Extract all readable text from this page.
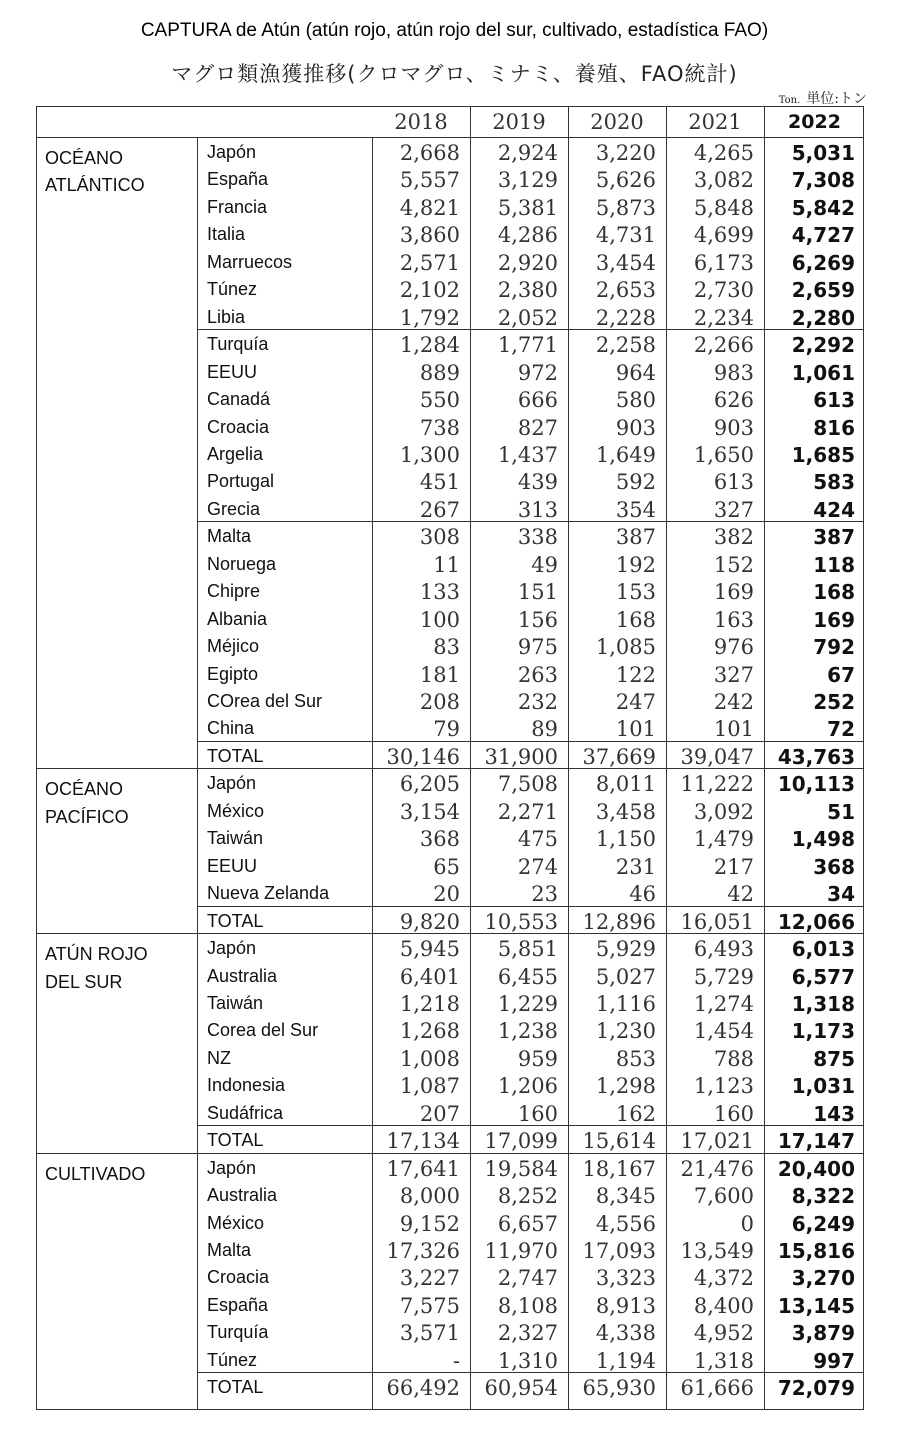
CAPTURA de Atún (atún rojo, atún rojo del sur, cultivado, estadística FAO)
マグロ類漁獲推移(クロマグロ、ミナミ、養殖、FAO統計)
Ton. 単位:トン
2018	2019	2020	2021	2022
OCÉANO
ATLÁNTICO
Japón	2,668	2,924	3,220	4,265	5,031
España	5,557	3,129	5,626	3,082	7,308
Francia	4,821	5,381	5,873	5,848	5,842
Italia	3,860	4,286	4,731	4,699	4,727
Marruecos	2,571	2,920	3,454	6,173	6,269
Túnez	2,102	2,380	2,653	2,730	2,659
Libia	1,792	2,052	2,228	2,234	2,280
Turquía	1,284	1,771	2,258	2,266	2,292
EEUU	889	972	964	983	1,061
Canadá	550	666	580	626	613
Croacia	738	827	903	903	816
Argelia	1,300	1,437	1,649	1,650	1,685
Portugal	451	439	592	613	583
Grecia	267	313	354	327	424
Malta	308	338	387	382	387
Noruega	11	49	192	152	118
Chipre	133	151	153	169	168
Albania	100	156	168	163	169
Méjico	83	975	1,085	976	792
Egipto	181	263	122	327	67
COrea del Sur	208	232	247	242	252
China	79	89	101	101	72
TOTAL	30,146	31,900	37,669	39,047	43,763
OCÉANO
PACÍFICO
Japón	6,205	7,508	8,011	11,222	10,113
México	3,154	2,271	3,458	3,092	51
Taiwán	368	475	1,150	1,479	1,498
EEUU	65	274	231	217	368
Nueva Zelanda	20	23	46	42	34
TOTAL	9,820	10,553	12,896	16,051	12,066
ATÚN ROJO
DEL SUR
Japón	5,945	5,851	5,929	6,493	6,013
Australia	6,401	6,455	5,027	5,729	6,577
Taiwán	1,218	1,229	1,116	1,274	1,318
Corea del Sur	1,268	1,238	1,230	1,454	1,173
NZ	1,008	959	853	788	875
Indonesia	1,087	1,206	1,298	1,123	1,031
Sudáfrica	207	160	162	160	143
TOTAL	17,134	17,099	15,614	17,021	17,147
CULTIVADO	Japón	17,641	19,584	18,167	21,476	20,400
Australia	8,000	8,252	8,345	7,600	8,322
México	9,152	6,657	4,556	0	6,249
Malta	17,326	11,970	17,093	13,549	15,816
Croacia	3,227	2,747	3,323	4,372	3,270
España	7,575	8,108	8,913	8,400	13,145
Turquía	3,571	2,327	4,338	4,952	3,879
Túnez	-	1,310	1,194	1,318	997
TOTAL	66,492	60,954	65,930	61,666	72,079
